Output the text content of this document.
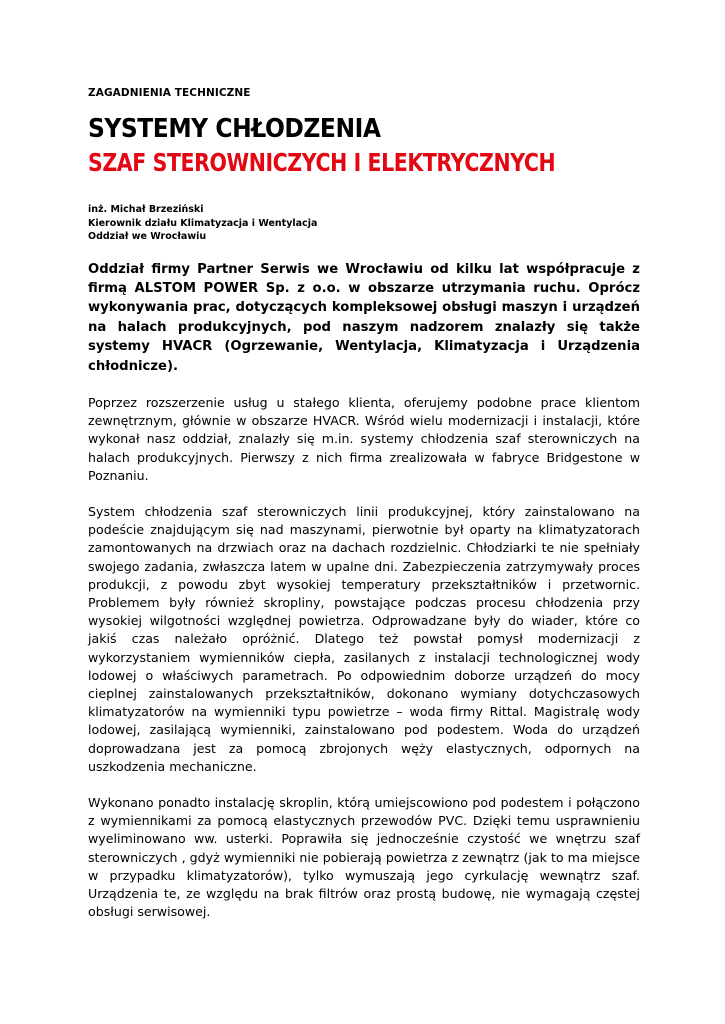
ZAGADNIENIA TECHNICZNE

SYSTEMY CHŁODZENIA
SZAF STEROWNICZYCH I ELEKTRYCZNYCH

inż. Michał Brzeziński

Kierownik działu Klimatyzacja i Wentylacja

Oddział we Wrocławiu

Oddział firmy Partner Serwis we Wrocławiu od kilku lat współpracuje z firmą ALSTOM POWER Sp. z o.o. w obszarze utrzymania ruchu. Oprócz wykonywania prac, dotyczących kompleksowej obsługi maszyn i urządzeń na halach produkcyjnych, pod naszym nadzorem znalazły się także systemy HVACR (Ogrzewanie, Wentylacja, Klimatyzacja i Urządzenia chłodnicze).

Poprzez rozszerzenie usług u stałego klienta, oferujemy podobne prace klientom zewnętrznym, głównie w obszarze HVACR. Wśród wielu modernizacji i instalacji, które wykonał nasz oddział, znalazły się m.in. systemy chłodzenia szaf sterowniczych na halach produkcyjnych. Pierwszy z nich firma zrealizowała w fabryce Bridgestone w Poznaniu.

System chłodzenia szaf sterowniczych linii produkcyjnej, który zainstalowano na podeście znajdującym się nad maszynami, pierwotnie był oparty na klimatyzatorach zamontowanych na drzwiach oraz na dachach rozdzielnic. Chłodziarki te nie spełniały swojego zadania, zwłaszcza latem w upalne dni. Zabezpieczenia zatrzymywały proces produkcji, z powodu zbyt wysokiej temperatury przekształtników i przetwornic. Problemem były również skropliny, powstające podczas procesu chłodzenia przy wysokiej wilgotności względnej powietrza. Odprowadzane były do wiader, które co jakiś czas należało opróżnić. Dlatego też powstał pomysł modernizacji z wykorzystaniem wymienników ciepła, zasilanych z instalacji technologicznej wody lodowej o właściwych parametrach. Po odpowiednim doborze urządzeń do mocy cieplnej zainstalowanych przekształtników, dokonano wymiany dotychczasowych klimatyzatorów na wymienniki typu powietrze – woda firmy Rittal. Magistralę wody lodowej, zasilającą wymienniki, zainstalowano pod podestem. Woda do urządzeń doprowadzana jest za pomocą zbrojonych węży elastycznych, odpornych na uszkodzenia mechaniczne.

Wykonano ponadto instalację skroplin, którą umiejscowiono pod podestem i połączono z wymiennikami za pomocą elastycznych przewodów PVC. Dzięki temu usprawnieniu wyeliminowano ww. usterki. Poprawiła się jednocześnie czystość we wnętrzu szaf sterowniczych , gdyż wymienniki nie pobierają powietrza z zewnątrz (jak to ma miejsce w przypadku klimatyzatorów), tylko wymuszają jego cyrkulację wewnątrz szaf. Urządzenia te, ze względu na brak filtrów oraz prostą budowę, nie wymagają częstej obsługi serwisowej.
